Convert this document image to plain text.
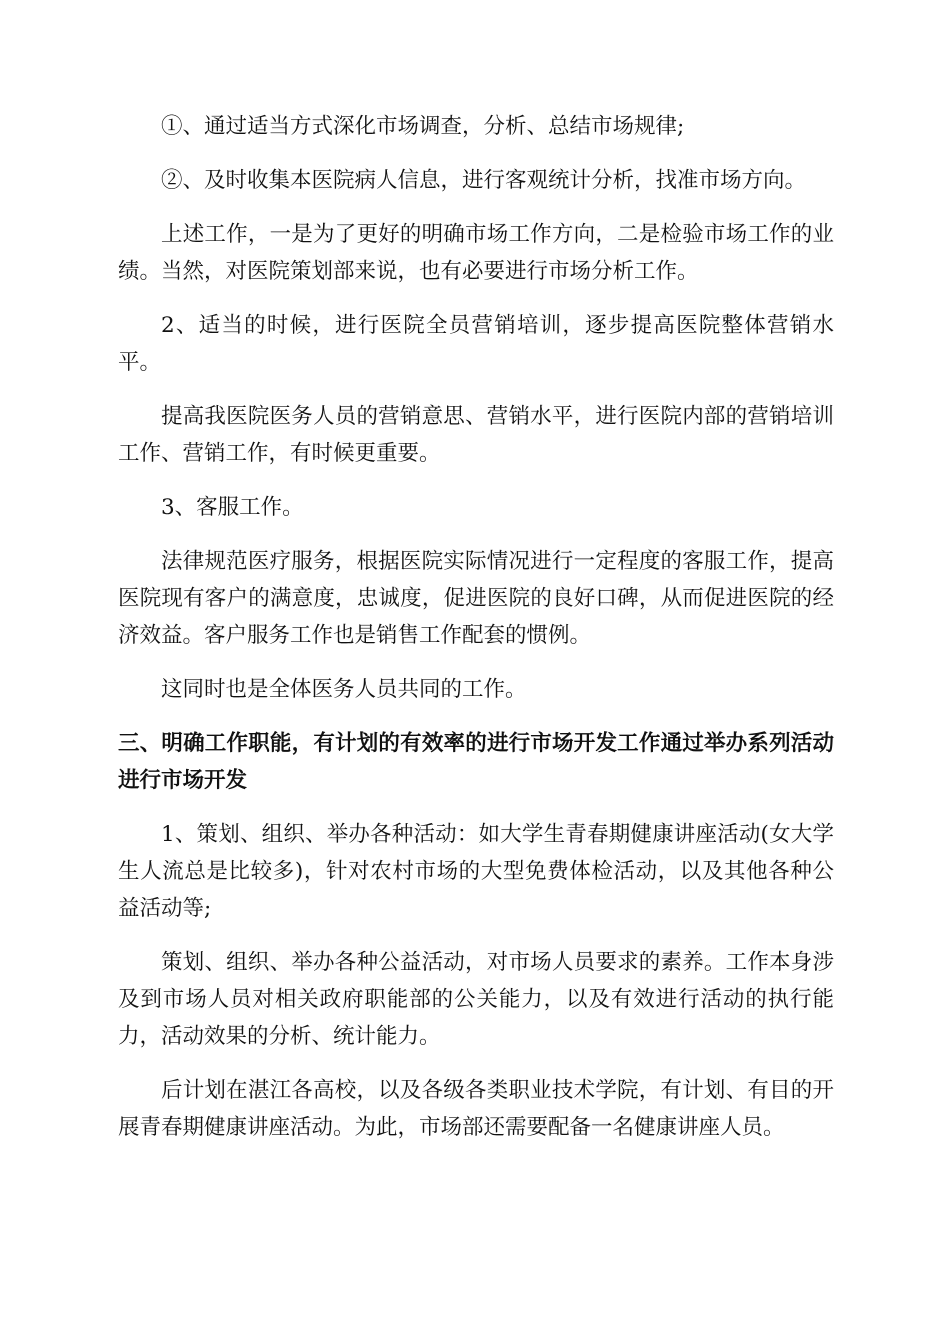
①、通过适当方式深化市场调查，分析、总结市场规律;

②、及时收集本医院病人信息，进行客观统计分析，找准市场方向。

上述工作，一是为了更好的明确市场工作方向，二是检验市场工作的业绩。当然，对医院策划部来说，也有必要进行市场分析工作。

2、适当的时候，进行医院全员营销培训，逐步提高医院整体营销水平。

提高我医院医务人员的营销意思、营销水平，进行医院内部的营销培训工作、营销工作，有时候更重要。

3、客服工作。

法律规范医疗服务，根据医院实际情况进行一定程度的客服工作，提高医院现有客户的满意度，忠诚度，促进医院的良好口碑，从而促进医院的经济效益。客户服务工作也是销售工作配套的惯例。

这同时也是全体医务人员共同的工作。

三、明确工作职能，有计划的有效率的进行市场开发工作通过举办系列活动进行市场开发

1、策划、组织、举办各种活动：如大学生青春期健康讲座活动(女大学生人流总是比较多)，针对农村市场的大型免费体检活动，以及其他各种公益活动等;

策划、组织、举办各种公益活动，对市场人员要求的素养。工作本身涉及到市场人员对相关政府职能部的公关能力，以及有效进行活动的执行能力，活动效果的分析、统计能力。

后计划在湛江各高校，以及各级各类职业技术学院，有计划、有目的开展青春期健康讲座活动。为此，市场部还需要配备一名健康讲座人员。
